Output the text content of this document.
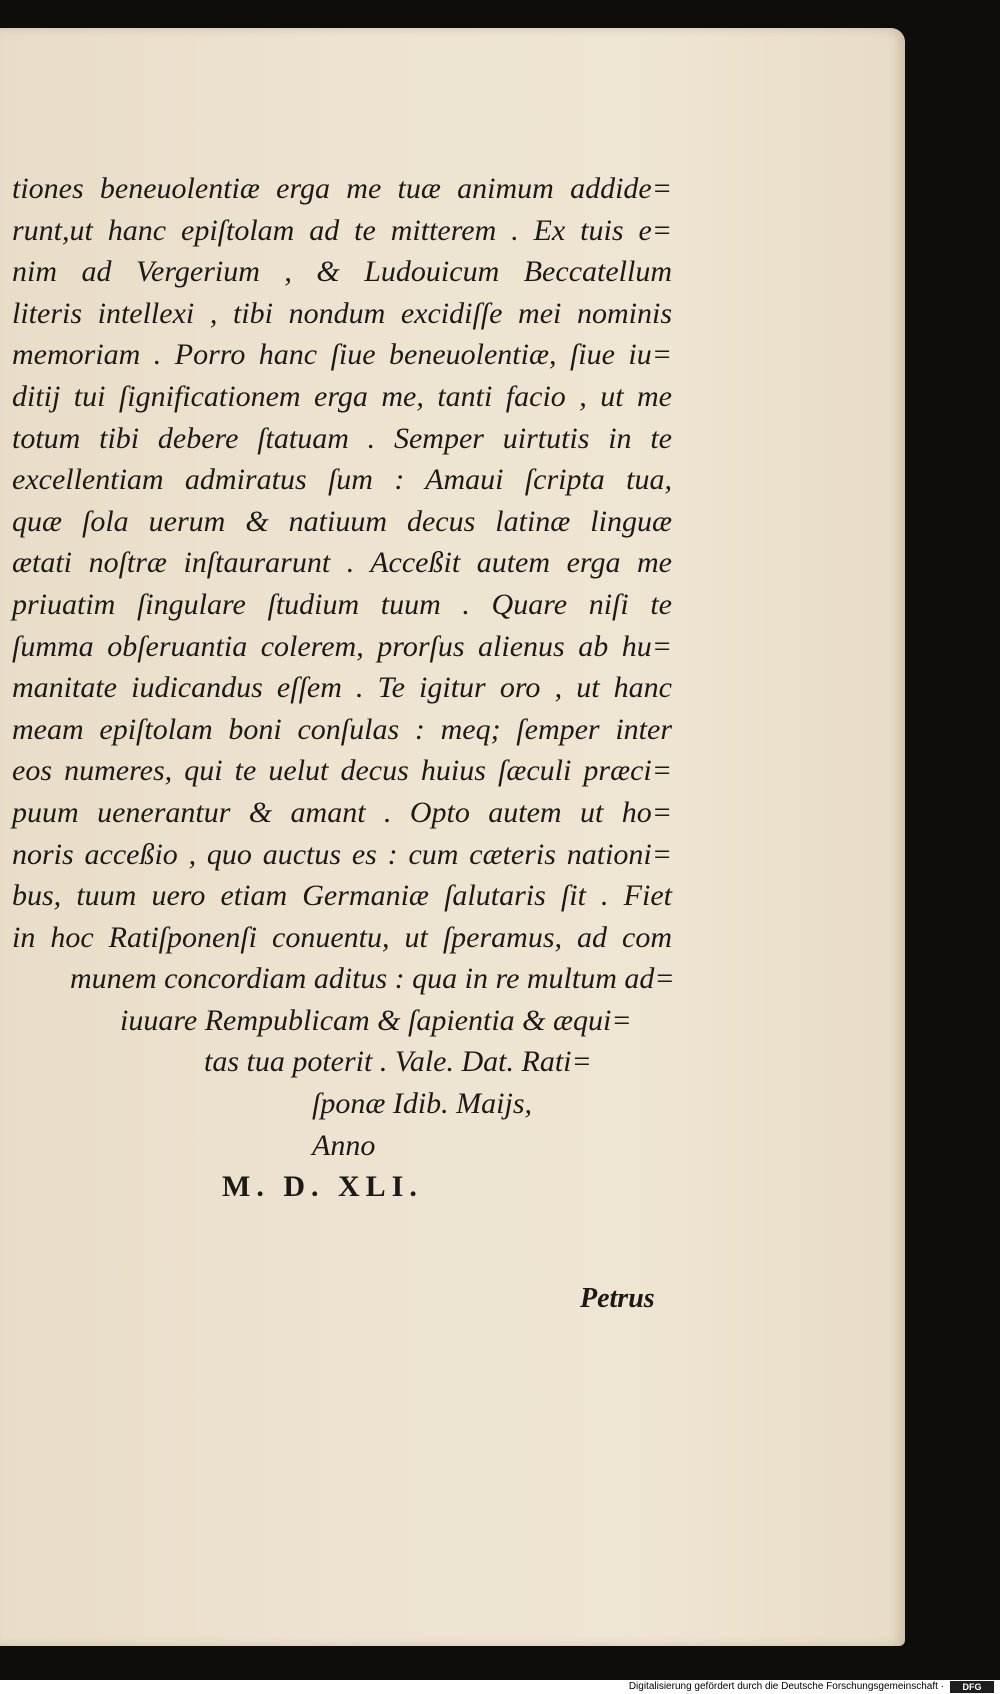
tiones beneuolentiæ erga me tuæ animum addide=
runt,ut hanc epiſtolam ad te mitterem . Ex tuis e=
nim ad Vergerium , & Ludouicum Beccatellum
literis intellexi , tibi nondum excidiſſe mei nominis
memoriam . Porro hanc ſiue beneuolentiæ, ſiue iu=
ditij tui ſignificationem erga me, tanti facio , ut me
totum tibi debere ſtatuam . Semper uirtutis in te
excellentiam admiratus ſum : Amaui ſcripta tua,
quæ ſola uerum & natiuum decus latinæ linguæ
ætati noſtræ inſtaurarunt . Acceßit autem erga me
priuatim ſingulare ſtudium tuum . Quare niſi te
ſumma obſeruantia colerem, prorſus alienus ab hu=
manitate iudicandus eſſem . Te igitur oro , ut hanc
meam epiſtolam boni conſulas : meq; ſemper inter
eos numeres, qui te uelut decus huius ſæculi præci=
puum uenerantur & amant . Opto autem ut ho=
noris acceßio , quo auctus es : cum cæteris nationi=
bus, tuum uero etiam Germaniæ ſalutaris ſit . Fiet
in hoc Ratiſponenſi conuentu, ut ſperamus, ad com
munem concordiam aditus : qua in re multum ad=
iuuare Rempublicam & ſapientia & æqui=
tas tua poterit . Vale. Dat. Rati=
ſponæ Idib. Maijs,
Anno
M. D. XLI.
Petrus
Digitalisierung gefördert durch die Deutsche Forschungsgemeinschaft ·	DFG
